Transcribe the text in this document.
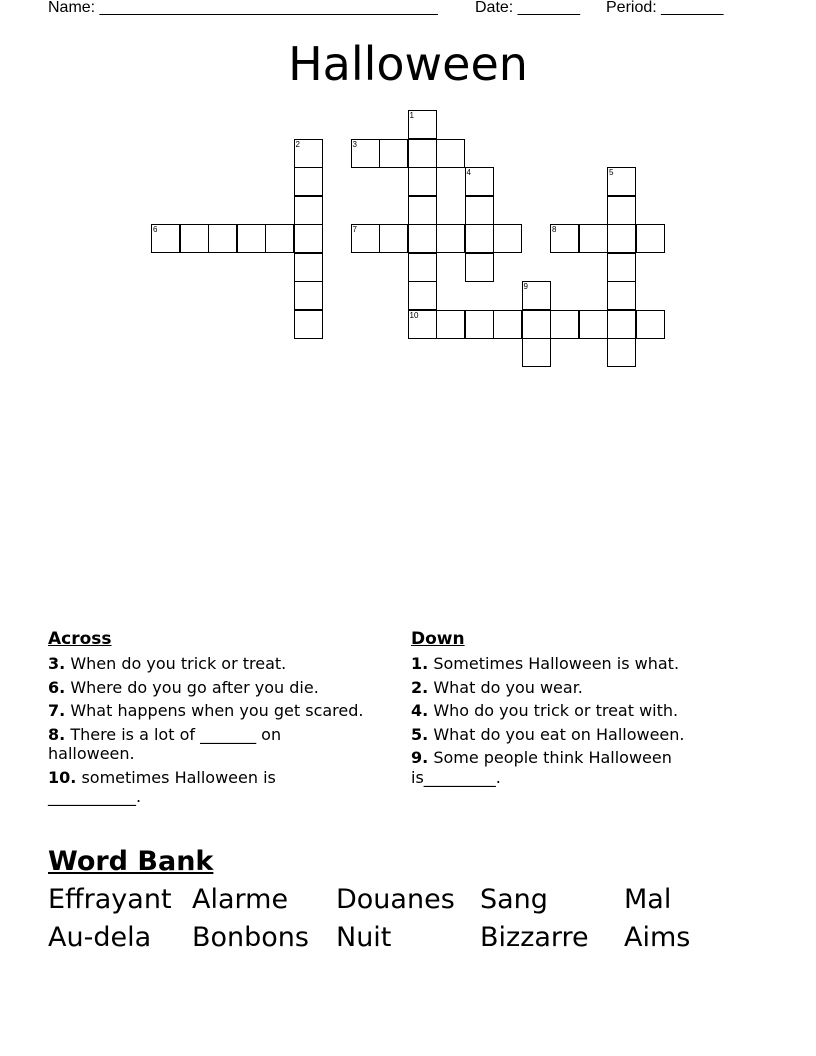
Name: ______________________________________ Date: _______ Period: _______
Halloween
1
2	3
4	5
6	7	8
9
10
Across
3. When do you trick or treat.
6. Where do you go after you die.
7. What happens when you get scared.
8. There is a lot of _______ on halloween.
10. sometimes Halloween is ___________.
Down
1. Sometimes Halloween is what.
2. What do you wear.
4. Who do you trick or treat with.
5. What do you eat on Halloween.
9. Some people think Halloween is_________.
Word Bank
Effrayant Alarme Douanes Sang	Mal
Au-dela Bonbons Nuit	Bizzarre Aims
